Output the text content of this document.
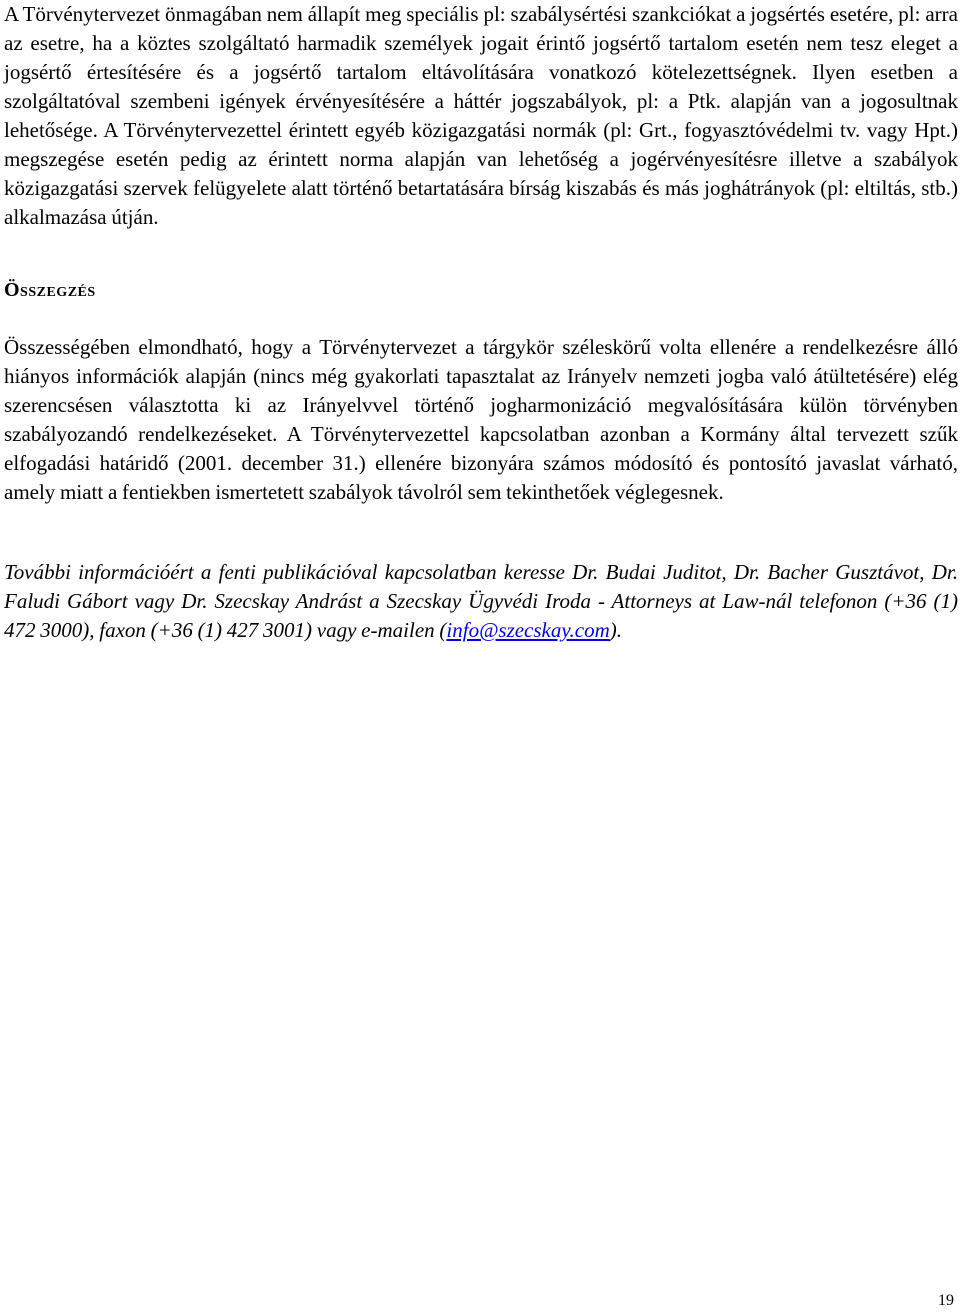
A Törvénytervezet önmagában nem állapít meg speciális pl: szabálysértési szankciókat a jogsértés esetére, pl: arra az esetre, ha a köztes szolgáltató harmadik személyek jogait érintő jogsértő tartalom esetén nem tesz eleget a jogsértő értesítésére és a jogsértő tartalom eltávolítására vonatkozó kötelezettségnek. Ilyen esetben a szolgáltatóval szembeni igények érvényesítésére a háttér jogszabályok, pl: a Ptk. alapján van a jogosultnak lehetősége. A Törvénytervezettel érintett egyéb közigazgatási normák (pl: Grt., fogyasztóvédelmi tv. vagy Hpt.) megszegése esetén pedig az érintett norma alapján van lehetőség a jogérvényesítésre illetve a szabályok közigazgatási szervek felügyelete alatt történő betartatására bírság kiszabás és más joghátrányok (pl: eltiltás, stb.) alkalmazása útján.

Összegzés

Összességében elmondható, hogy a Törvénytervezet a tárgykör széleskörű volta ellenére a rendelkezésre álló hiányos információk alapján (nincs még gyakorlati tapasztalat az Irányelv nemzeti jogba való átültetésére) elég szerencsésen választotta ki az Irányelvvel történő jogharmonizáció megvalósítására külön törvényben szabályozandó rendelkezéseket. A Törvénytervezettel kapcsolatban azonban a Kormány által tervezett szűk elfogadási határidő (2001. december 31.) ellenére bizonyára számos módosító és pontosító javaslat várható, amely miatt a fentiekben ismertetett szabályok távolról sem tekinthetőek véglegesnek.

További információért a fenti publikációval kapcsolatban keresse Dr. Budai Juditot, Dr. Bacher Gusztávot, Dr. Faludi Gábort vagy Dr. Szecskay Andrást a Szecskay Ügyvédi Iroda - Attorneys at Law-nál telefonon (+36 (1) 472 3000), faxon (+36 (1) 427 3001) vagy e-mailen (info@szecskay.com).

19
